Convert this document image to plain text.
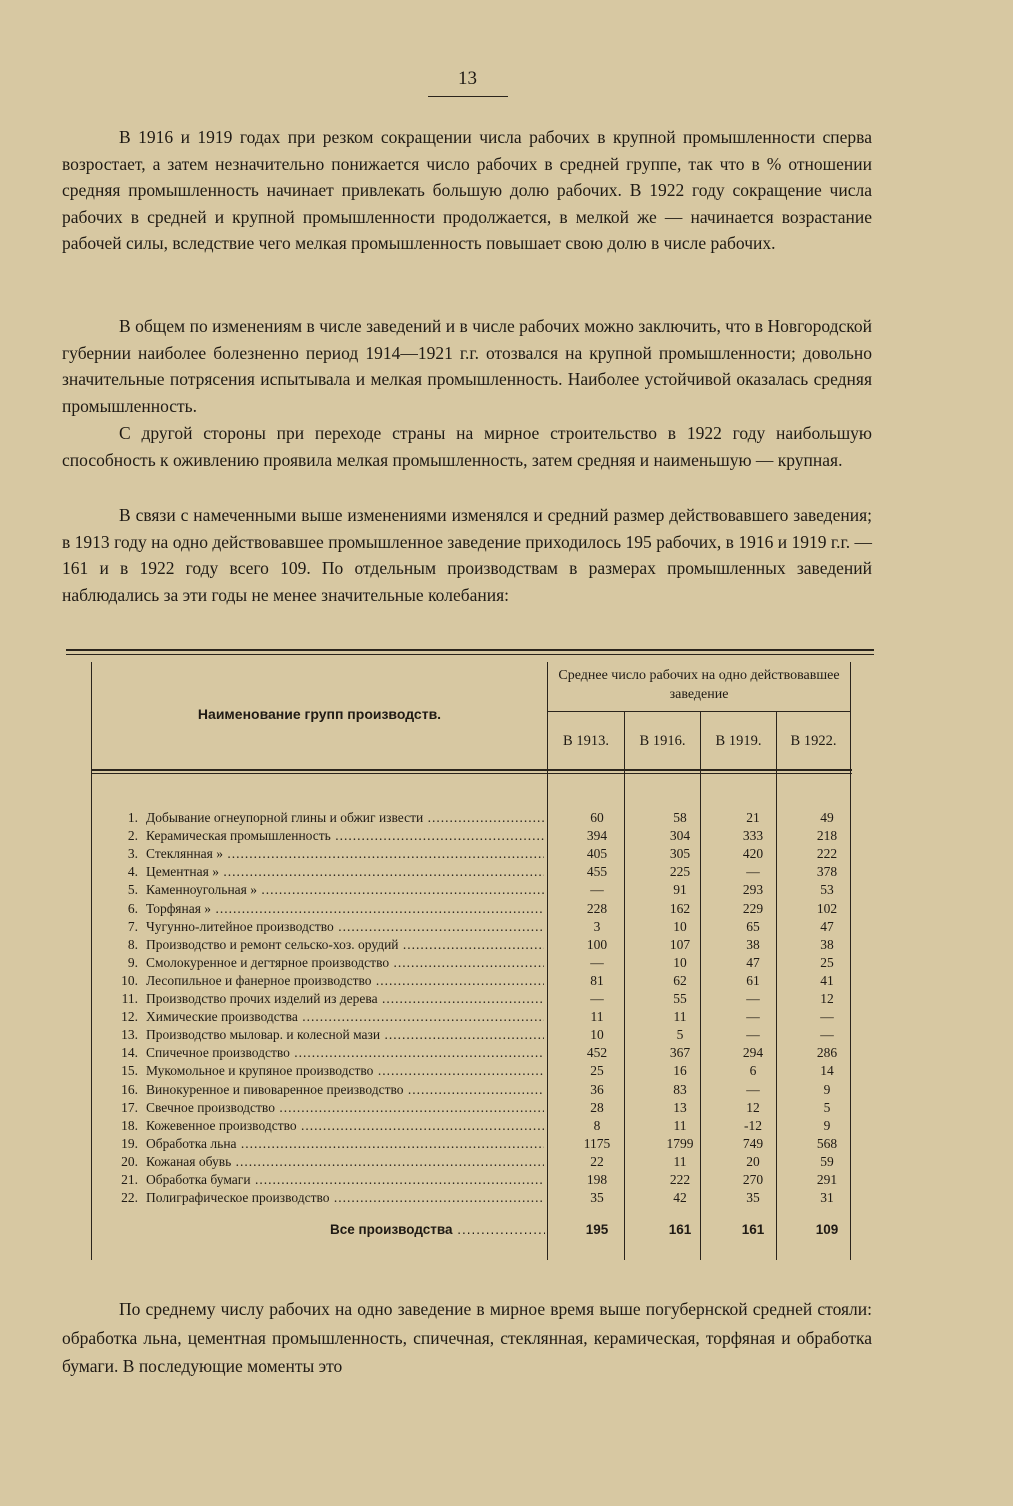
13

В 1916 и 1919 годах при резком сокращении числа рабочих в крупной промышленности сперва возростает, а затем незначительно понижается число рабочих в средней группе, так что в % отношении средняя промышленность начинает привлекать большую долю рабочих. В 1922 году сокращение числа рабочих в средней и крупной промышленности продолжается, в мелкой же — начинается возрастание рабочей силы, вследствие чего мелкая промышленность повышает свою долю в числе рабочих.

В общем по изменениям в числе заведений и в числе рабочих можно заключить, что в Новгородской губернии наиболее болезненно период 1914—1921 г.г. отозвался на крупной промышленности; довольно значительные потрясения испытывала и мелкая промышленность. Наиболее устойчивой оказалась средняя промышленность.

С другой стороны при переходе страны на мирное строительство в 1922 году наибольшую способность к оживлению проявила мелкая промышленность, затем средняя и наименьшую — крупная.

В связи с намеченными выше изменениями изменялся и средний размер действовавшего заведения; в 1913 году на одно действовавшее промышленное заведение приходилось 195 рабочих, в 1916 и 1919 г.г. — 161 и в 1922 году всего 109. По отдельным производствам в размерах промышленных заведений наблюдались за эти годы не менее значительные колебания:

Наименование групп производств.
Среднее число рабочих на одно действовавшее заведение
В 1913.	В 1916.	В 1919.	В 1922.
1. Добывание огнеупорной глины и обжиг извести .....	60	58	21	49
2. Керамическая промышленность .....	394	304	333	218
3. Стеклянная » .....	405	305	420	222
4. Цементная » .....	455	225	—	378
5. Каменноугольная » .....	—	91	293	53
6. Торфяная » .....	228	162	229	102
7. Чугунно-литейное производство .....	3	10	65	47
8. Производство и ремонт сельско-хоз. орудий .....	100	107	38	38
9. Смолокуренное и дегтярное производство .....	—	10	47	25
10. Лесопильное и фанерное производство .....	81	62	61	41
11. Производство прочих изделий из дерева .....	—	55	—	12
12. Химические производства .....	11	11	—	—
13. Производство мыловар. и колесной мази .....	10	5	—	—
14. Спичечное производство .....	452	367	294	286
15. Мукомольное и крупяное производство .....	25	16	6	14
16. Винокуренное и пивоваренное преизводство .....	36	83	—	9
17. Свечное производство .....	28	13	12	5
18. Кожевенное производство .....	8	11	-12	9
19. Обработка льна .....	1175	1799	749	568
20. Кожаная обувь .....	22	11	20	59
21. Обработка бумаги .....	198	222	270	291
22. Полиграфическое производство .....	35	42	35	31
Все производства .....	195	161	161	109

По среднему числу рабочих на одно заведение в мирное время выше погубернской средней стояли: обработка льна, цементная промышленность, спичечная, стеклянная, керамическая, торфяная и обработка бумаги. В последующие моменты это
